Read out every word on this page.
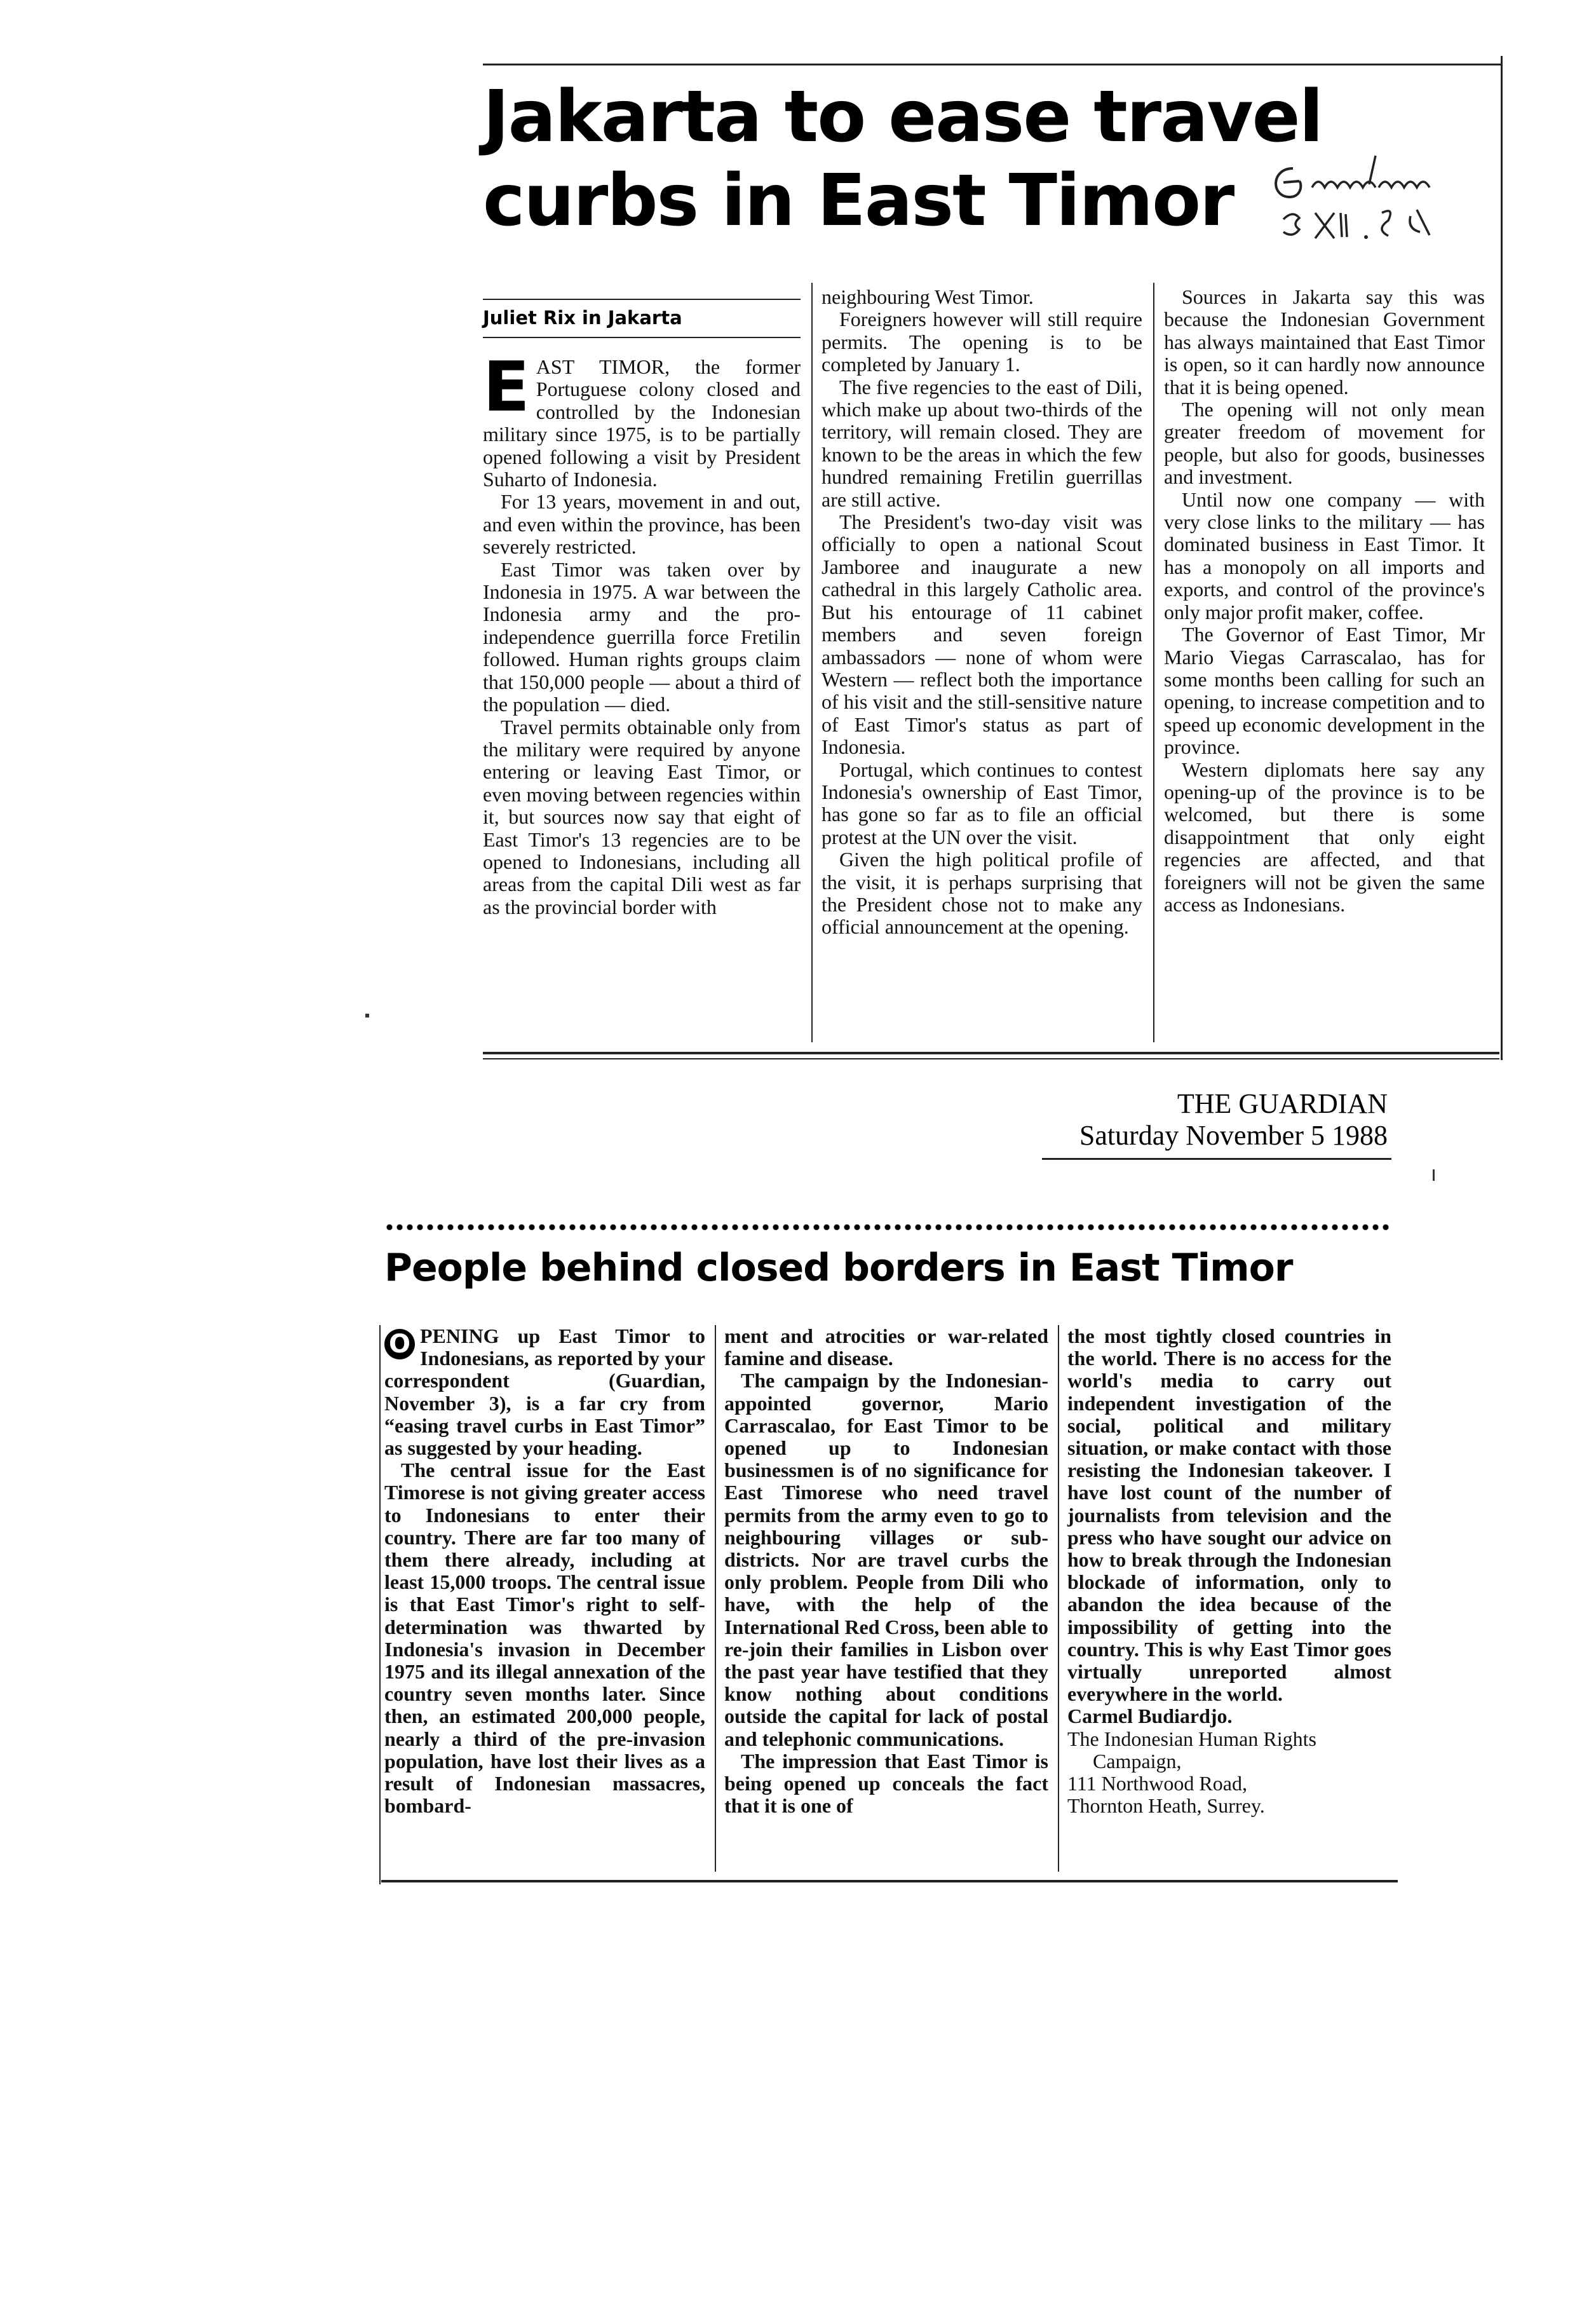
Jakarta to ease travel
curbs in East Timor
Juliet Rix in Jakarta

EAST TIMOR, the former Portuguese colony closed and controlled by the Indonesian military since 1975, is to be partially opened following a visit by President Suharto of Indonesia.

For 13 years, movement in and out, and even within the province, has been severely restricted.

East Timor was taken over by Indonesia in 1975. A war between the Indonesia army and the pro-independence guerrilla force Fretilin followed. Human rights groups claim that 150,000 people — about a third of the population — died.

Travel permits obtainable only from the military were required by anyone entering or leaving East Timor, or even moving between regencies within it, but sources now say that eight of East Timor's 13 regencies are to be opened to Indonesians, including all areas from the capital Dili west as far as the provincial border with

neighbouring West Timor.

Foreigners however will still require permits. The opening is to be completed by January 1.

The five regencies to the east of Dili, which make up about two-thirds of the territory, will remain closed. They are known to be the areas in which the few hundred remaining Fretilin guerrillas are still active.

The President's two-day visit was officially to open a national Scout Jamboree and inaugurate a new cathedral in this largely Catholic area. But his entourage of 11 cabinet members and seven foreign ambassadors — none of whom were Western — reflect both the importance of his visit and the still-sensitive nature of East Timor's status as part of Indonesia.

Portugal, which continues to contest Indonesia's ownership of East Timor, has gone so far as to file an official protest at the UN over the visit.

Given the high political profile of the visit, it is perhaps surprising that the President chose not to make any official announcement at the opening.

Sources in Jakarta say this was because the Indonesian Government has always maintained that East Timor is open, so it can hardly now announce that it is being opened.

The opening will not only mean greater freedom of movement for people, but also for goods, businesses and investment.

Until now one company — with very close links to the military — has dominated business in East Timor. It has a monopoly on all imports and exports, and control of the province's only major profit maker, coffee.

The Governor of East Timor, Mr Mario Viegas Carrascalao, has for some months been calling for such an opening, to increase competition and to speed up economic development in the province.

Western diplomats here say any opening-up of the province is to be welcomed, but there is some disappointment that only eight regencies are affected, and that foreigners will not be given the same access as Indonesians.

THE GUARDIAN
Saturday November 5 1988
People behind closed borders in East Timor

O PENING up East Timor to Indonesians, as reported by your correspondent (Guardian, November 3), is a far cry from “easing travel curbs in East Timor” as suggested by your heading.

The central issue for the East Timorese is not giving greater access to Indonesians to enter their country. There are far too many of them there already, including at least 15,000 troops. The central issue is that East Timor's right to self-determination was thwarted by Indonesia's invasion in December 1975 and its illegal annexation of the country seven months later. Since then, an estimated 200,000 people, nearly a third of the pre-invasion population, have lost their lives as a result of Indonesian massacres, bombard-

ment and atrocities or war-related famine and disease.

The campaign by the Indonesian-appointed governor, Mario Carrascalao, for East Timor to be opened up to Indonesian businessmen is of no significance for East Timorese who need travel permits from the army even to go to neighbouring villages or sub-districts. Nor are travel curbs the only problem. People from Dili who have, with the help of the International Red Cross, been able to re-join their families in Lisbon over the past year have testified that they know nothing about conditions outside the capital for lack of postal and telephonic communications.

The impression that East Timor is being opened up conceals the fact that it is one of

the most tightly closed countries in the world. There is no access for the world's media to carry out independent investigation of the social, political and military situation, or make contact with those resisting the Indonesian takeover. I have lost count of the number of journalists from television and the press who have sought our advice on how to break through the Indonesian blockade of information, only to abandon the idea because of the impossibility of getting into the country. This is why East Timor goes virtually unreported almost everywhere in the world.

Carmel Budiardjo.

The Indonesian Human Rights

Campaign,

111 Northwood Road,

Thornton Heath, Surrey.
